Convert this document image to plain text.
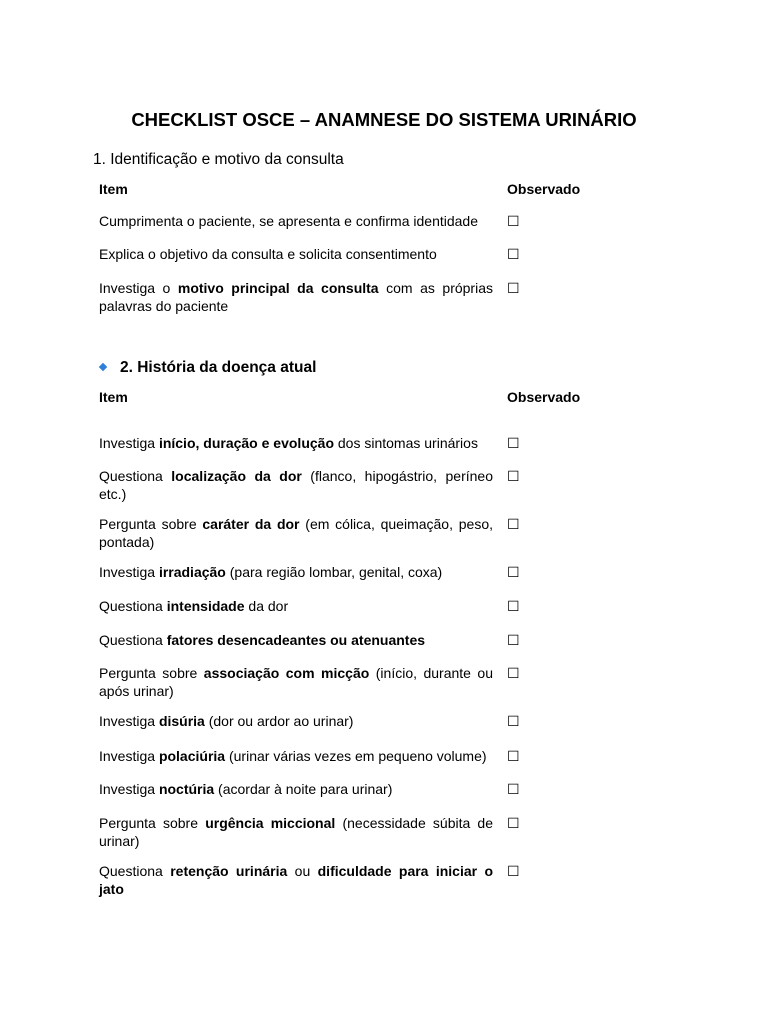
CHECKLIST OSCE – ANAMNESE DO SISTEMA URINÁRIO
1. Identificação e motivo da consulta
Item	Observado
Cumprimenta o paciente, se apresenta e confirma identidade	☐
Explica o objetivo da consulta e solicita consentimento	☐
Investiga o motivo principal da consulta com as próprias palavras do paciente	☐
2. História da doença atual
Item	Observado
Investiga início, duração e evolução dos sintomas urinários	☐
Questiona localização da dor (flanco, hipogástrio, períneo etc.)	☐
Pergunta sobre caráter da dor (em cólica, queimação, peso, pontada)	☐
Investiga irradiação (para região lombar, genital, coxa)	☐
Questiona intensidade da dor	☐
Questiona fatores desencadeantes ou atenuantes	☐
Pergunta sobre associação com micção (início, durante ou após urinar)	☐
Investiga disúria (dor ou ardor ao urinar)	☐
Investiga polaciúria (urinar várias vezes em pequeno volume)	☐
Investiga noctúria (acordar à noite para urinar)	☐
Pergunta sobre urgência miccional (necessidade súbita de urinar)	☐
Questiona retenção urinária ou dificuldade para iniciar o jato	☐
